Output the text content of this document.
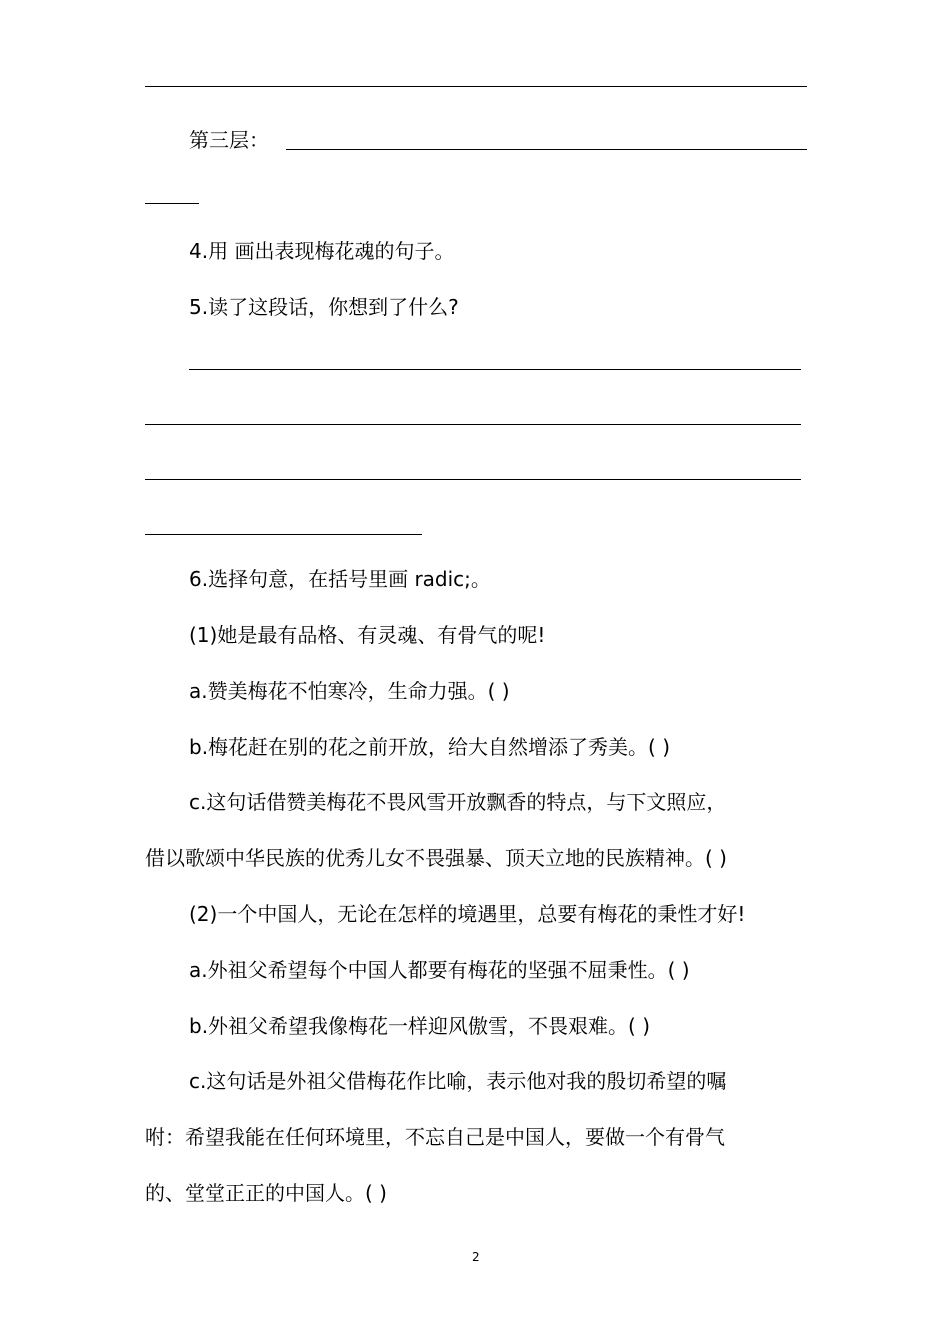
第三层：
4.用 画出表现梅花魂的句子。
5.读了这段话，你想到了什么?
6.选择句意，在括号里画 radic;。
(1)她是最有品格、有灵魂、有骨气的呢!
a.赞美梅花不怕寒冷，生命力强。( )
b.梅花赶在别的花之前开放，给大自然增添了秀美。( )
c.这句话借赞美梅花不畏风雪开放飘香的特点，与下文照应，
借以歌颂中华民族的优秀儿女不畏强暴、顶天立地的民族精神。( )
(2)一个中国人，无论在怎样的境遇里，总要有梅花的秉性才好!
a.外祖父希望每个中国人都要有梅花的坚强不屈秉性。( )
b.外祖父希望我像梅花一样迎风傲雪，不畏艰难。( )
c.这句话是外祖父借梅花作比喻，表示他对我的殷切希望的嘱
咐：希望我能在任何环境里，不忘自己是中国人，要做一个有骨气
的、堂堂正正的中国人。( )
2
